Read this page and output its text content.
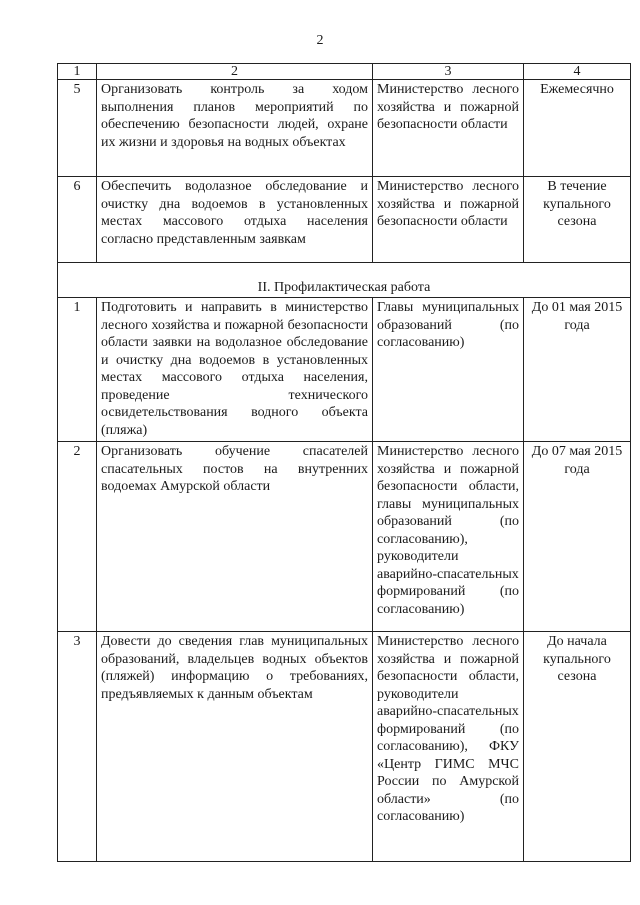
2
1	2	3	4
5	Организовать контроль за ходом выполнения планов мероприятий по обеспечению безопасности людей, охране их жизни и здоровья на водных объектах	Министерство лесного хозяйства и пожарной безопасности области	Ежемесячно
6	Обеспечить водолазное обследование и очистку дна водоемов в установленных местах массового отдыха населения согласно представленным заявкам	Министерство лесного хозяйства и пожарной безопасности области	В течение купального сезона
II. Профилактическая работа			
1	Подготовить и направить в министерство лесного хозяйства и пожарной безопасности области заявки на водолазное обследование и очистку дна водоемов в установленных местах массового отдыха населения, проведение технического освидетельствования водного объекта (пляжа)	Главы муниципальных образований (по согласованию)	До 01 мая 2015 года
2	Организовать обучение спасателей спасательных постов на внутренних водоемах Амурской области	Министерство лесного хозяйства и пожарной безопасности области, главы муниципальных образований (по согласованию), руководители аварийно-спасательных формирований (по согласованию)	До 07 мая 2015 года
3	Довести до сведения глав муниципальных образований, владельцев водных объектов (пляжей) информацию о требованиях, предъявляемых к данным объектам	Министерство лесного хозяйства и пожарной безопасности области, руководители аварийно-спасательных формирований (по согласованию), ФКУ «Центр ГИМС МЧС России по Амурской области» (по согласованию)	До начала купального сезона
